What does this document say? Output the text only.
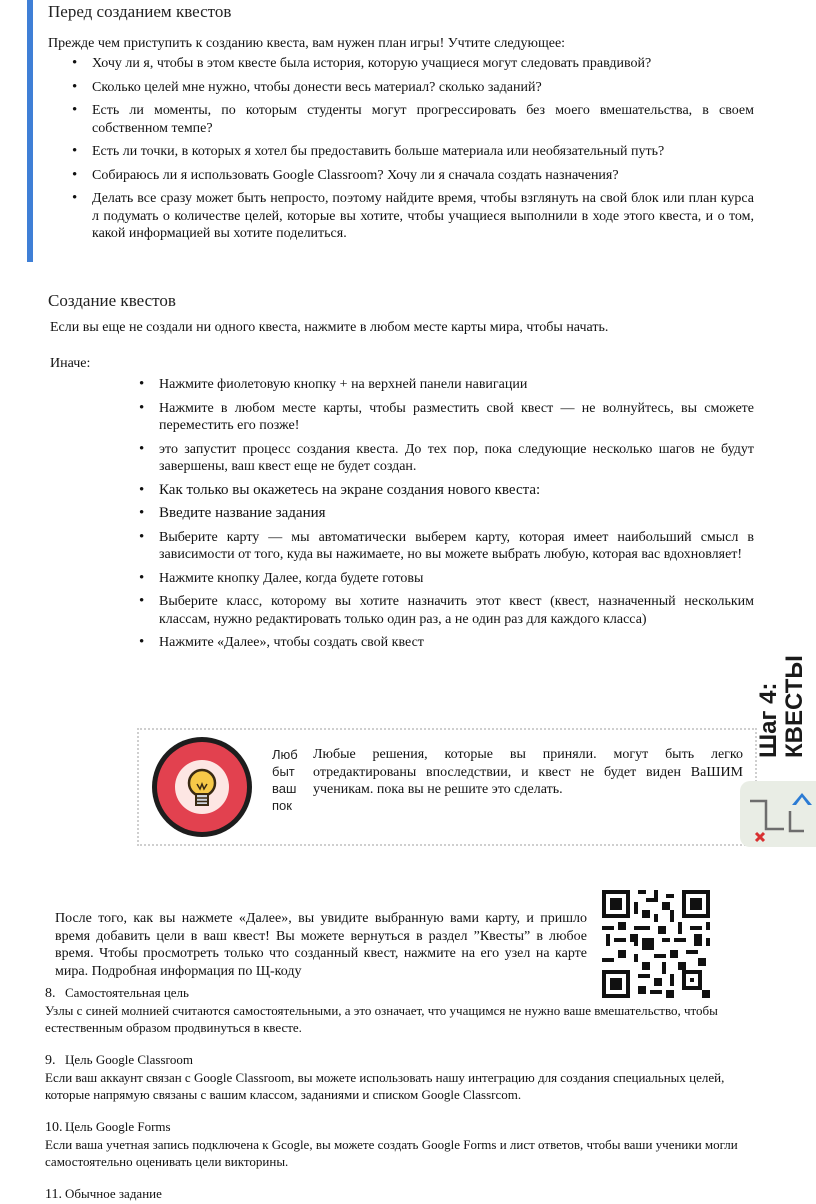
Перед созданием квестов
Прежде чем приступить к созданию квеста, вам нужен план игры! Учтите следующее:
• Хочу ли я, чтобы в этом квесте была история, которую учащиеся могут следовать правдивой?
• Сколько целей мне нужно, чтобы донести весь материал? сколько заданий?
• Есть ли моменты, по которым студенты могут прогрессировать без моего вмешательства, в своем собственном темпе?
• Есть ли точки, в которых я хотел бы предоставить больше материала или необязательный путь?
• Собираюсь ли я использовать Google Classroom? Хочу ли я сначала создать назначения?
• Делать все сразу может быть непросто, поэтому найдите время, чтобы взглянуть на свой блок или план курса л подумать о количестве целей, которые вы хотите, чтобы учащиеся выполнили в ходе этого квеста, и о том, какой информацией вы хотите поделиться.
Создание квестов
Если вы еще не создали ни одного квеста, нажмите в любом месте карты мира, чтобы начать.
Иначе:
• Нажмите фиолетовую кнопку + на верхней панели навигации
• Нажмите в любом месте карты, чтобы разместить свой квест — не волнуйтесь, вы сможете переместить его позже!
• это запустит процесс создания квеста. До тех пор, пока следующие несколько шагов не будут завершены, ваш квест еще не будет создан.
• Как только вы окажетесь на экране создания нового квеста:
• Введите название задания
• Выберите карту — мы автоматически выберем карту, которая имеет наибольший смысл в зависимости от того, куда вы нажимаете, но вы можете выбрать любую, которая вас вдохновляет!
• Нажмите кнопку Далее, когда будете готовы
• Выберите класс, которому вы хотите назначить этот квест (квест, назначенный нескольким классам, нужно редактировать только один раз, а не один раз для каждого класса)
• Нажмите «Далее», чтобы создать свой квест
Люб
быт
ваш
пок
Любые решения, которые вы приняли. могут быть легко отредактированы впоследствии, и квест не будет виден ВаШИМ ученикам. пока вы не решите это сделать.
Шаг 4: КВЕСТЫ
После того, как вы нажмете «Далее», вы увидите выбранную вами карту, и пришло время добавить цели в ваш квест! Вы можете вернуться в раздел ”Квесты” в любое время. Чтобы просмотреть только что созданный квест, нажмите на его узел на карте мира. Подробная информация по Щ-коду
8. Самостоятельная цель
Узлы с синей молнией считаются самостоятельными, а это означает, что учащимся не нужно ваше вмешательство, чтобы естественным образом продвинуться в квесте.
9. Цель Google Classroom
Если ваш аккаунт связан с Google Classroom, вы можете использовать нашу интеграцию для создания специальных целей, которые напрямую связаны с вашим классом, заданиями и списком Google Classrcom.
10. Цель Google Forms
Если ваша учетная запись подключена к Gcogle, вы можете создать Google Forms и лист ответов, чтобы ваши ученики могли самостоятельно оценивать цели викторины.
11. Обычное задание
